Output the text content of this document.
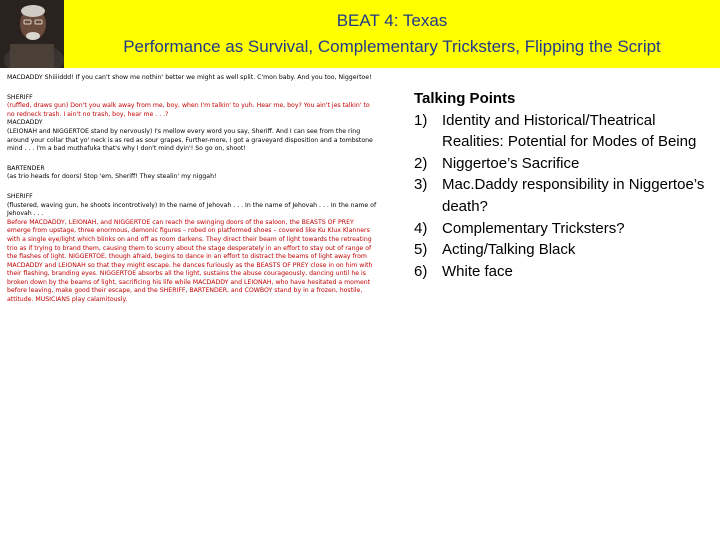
BEAT 4: Texas
Performance as Survival, Complementary Tricksters, Flipping the Script

MACDADDY Shiiiiddd! If you can't show me nothin' better we might as well split. C'mon baby. And you too, Niggertoe!

SHERIFF
(ruffled, draws gun) Don't you walk away from me, boy, when I'm talkin' to yuh. Hear me, boy? You ain't jes talkin' to no redneck trash. I ain't no trash, boy, hear me . . .?
MACDADDY
(LEIONAH and NIGGERTOE stand by nervously) I's mellow every word you say, Sheriff. And I can see from the ring around your collar that yo' neck is as red as sour grapes. Further-more, I got a graveyard disposition and a tombstone mind . . . I'm a bad muthafuka that's why I don't mind dyin'! So go on, shoot!

BARTENDER
(as trio heads for doors) Stop 'em, Sheriff! They stealin' my niggah!

SHERIFF
(flustered, waving gun, he shoots incontrotively) In the name of Jehovah . . . In the name of Jehovah . . . In the name of Jehovah . . .
Before MACDADDY, LEIONAH, and NIGGERTOE can reach the swinging doors of the saloon, the BEASTS OF PREY emerge from upstage, three enormous, demonic figures – robed on platformed shoes – covered like Ku Klux Klanners with a single eye/light which blinks on and off as room darkens. They direct their beam of light towards the retreating trio as if trying to brand them, causing them to scurry about the stage desperately in an effort to stay out of range of the flashes of light. NIGGERTOE, though afraid, begins to dance in an effort to distract the beams of light away from MACDADDY and LEIONAH so that they might escape. he dances furiously as the BEASTS OF PREY close in on him with their flashing, branding eyes. NIGGERTOE absorbs all the light, sustains the abuse courageously, dancing until he is broken down by the beams of light, sacrificing his life while MACDADDY and LEIONAH, who have hesitated a moment before leaving, make good their escape, and the SHERIFF, BARTENDER, and COWBOY stand by in a frozen, hostile, attitude. MUSICIANS play calamitously.

Talking Points
1) Identity and Historical/Theatrical Realities: Potential for Modes of Being
2) Niggertoe’s Sacrifice
3) Mac.Daddy responsibility in Niggertoe’s death?
4) Complementary Tricksters?
5) Acting/Talking Black
6) White face
